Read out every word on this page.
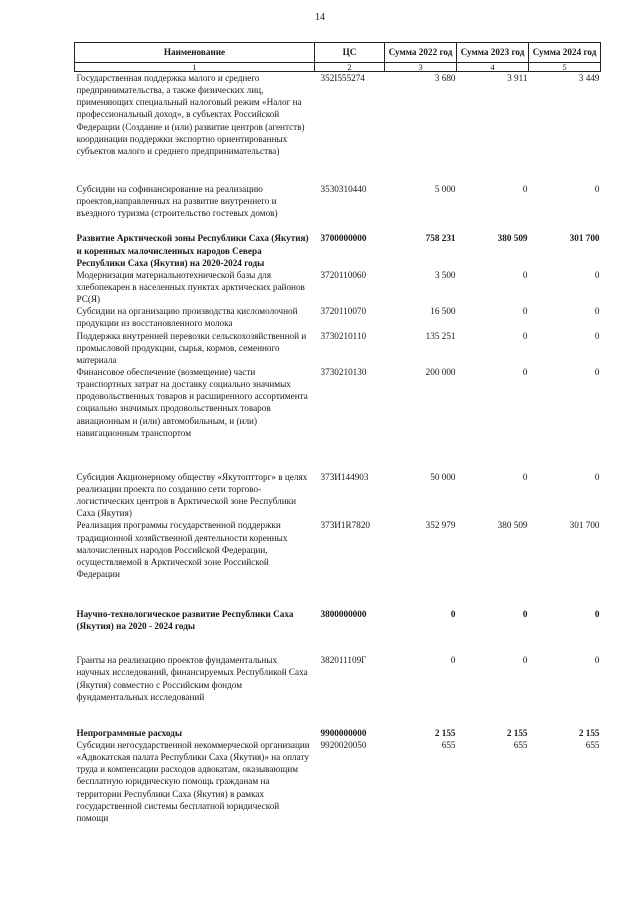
14
Наименование	ЦС	Сумма 2022 год	Сумма 2023 год	Сумма 2024 год
1	2	3	4	5
Государственная поддержка малого и среднего предпринимательства, а также физических лиц, применяющих специальный налоговый режим «Налог на профессиональный доход», в субъектах Российской Федерации (Создание и (или) развитие центров (агентств) координации поддержки экспортно ориентированных субъектов малого и среднего предпринимательства)	352I555274	3 680	3 911	3 449
Субсидии на софинансирование на реализацию проектов,направленных на развитие внутреннего и въездного туризма (строительство гостевых домов)	3530310440	5 000	0	0
Развитие Арктической зоны Республики Саха (Якутия) и коренных малочисленных народов Севера Республики Саха (Якутия) на 2020-2024 годы	3700000000	758 231	380 509	301 700
Модернизация материальнотехнической базы для хлебопекарен в населенных пунктах арктических районов РС(Я)	3720110060	3 500	0	0
Субсидии на организацию производства кисломолочной продукции из восстановленного молока	3720110070	16 500	0	0
Поддержка внутренней перевозки сельскохозяйственной и промысловой продукции, сырья, кормов, семенного материала	3730210110	135 251	0	0
Финансовое обеспечение (возмещение) части транспортных затрат на доставку социально значимых продовольственных товаров и расширенного ассортимента социально значимых продовольственных товаров авиационным и (или) автомобильным, и (или) навигационным транспортом	3730210130	200 000	0	0
Субсидия Акционерному обществу «Якутоптторг» в целях реализации проекта по созданию сети торгово-логистических центров в Арктической зоне Республики Саха (Якутия)	373И144903	50 000	0	0
Реализация программы государственной поддержки традиционной хозяйственной деятельности коренных малочисленных народов Российской Федерации, осуществляемой в Арктической зоне Российской Федерации	373И1R7820	352 979	380 509	301 700
Научно-технологическое развитие Республики Саха (Якутия) на 2020 - 2024 годы	3800000000	0	0	0
Гранты на реализацию проектов фундаментальных научных исследований, финансируемых Республикой Саха (Якутия) совместно с Российским фондом фундаментальных исследований	382011109Г	0	0	0
Непрограммные расходы	9900000000	2 155	2 155	2 155
Субсидии негосударственной некоммерческой организации «Адвокатская палата Республики Саха (Якутия)» на оплату труда и компенсации расходов адвокатам, оказывающим бесплатную юридическую помощь гражданам на территории Республики Саха (Якутия) в рамках государственной системы бесплатной юридической помощи	9920020050	655	655	655
